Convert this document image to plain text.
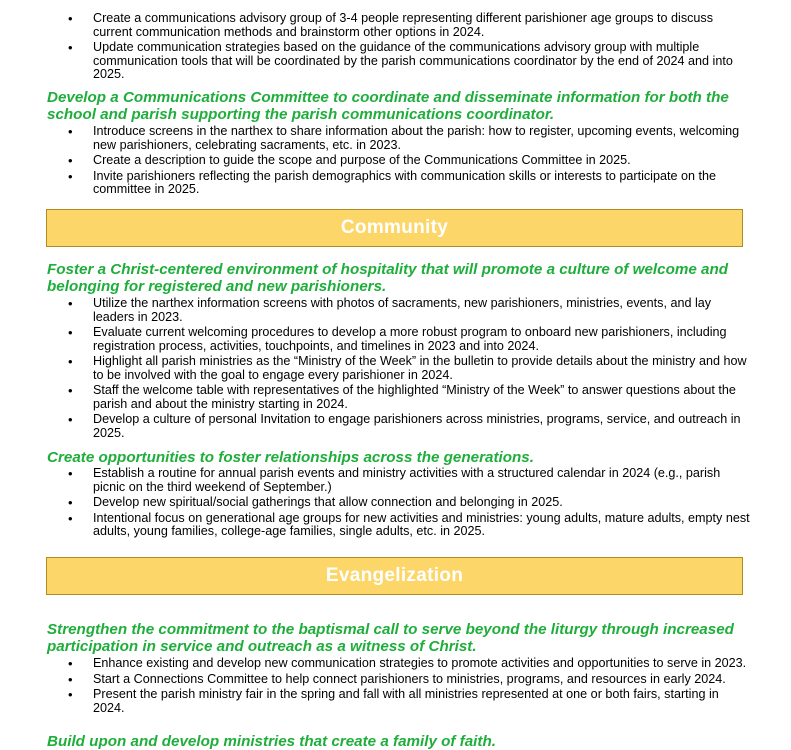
• Create a communications advisory group of 3-4 people representing different parishioner age groups to discuss current communication methods and brainstorm other options in 2024.
• Update communication strategies based on the guidance of the communications advisory group with multiple communication tools that will be coordinated by the parish communications coordinator by the end of 2024 and into 2025.

Develop a Communications Committee to coordinate and disseminate information for both the school and parish supporting the parish communications coordinator.

• Introduce screens in the narthex to share information about the parish: how to register, upcoming events, welcoming new parishioners, celebrating sacraments, etc. in 2023.
• Create a description to guide the scope and purpose of the Communications Committee in 2025.
• Invite parishioners reflecting the parish demographics with communication skills or interests to participate on the committee in 2025.
Community

Foster a Christ-centered environment of hospitality that will promote a culture of welcome and belonging for registered and new parishioners.

• Utilize the narthex information screens with photos of sacraments, new parishioners, ministries, events, and lay leaders in 2023.
• Evaluate current welcoming procedures to develop a more robust program to onboard new parishioners, including registration process, activities, touchpoints, and timelines in 2023 and into 2024.
• Highlight all parish ministries as the “Ministry of the Week” in the bulletin to provide details about the ministry and how to be involved with the goal to engage every parishioner in 2024.
• Staff the welcome table with representatives of the highlighted “Ministry of the Week” to answer questions about the parish and about the ministry starting in 2024.
• Develop a culture of personal Invitation to engage parishioners across ministries, programs, service, and outreach in 2025.

Create opportunities to foster relationships across the generations.

• Establish a routine for annual parish events and ministry activities with a structured calendar in 2024 (e.g., parish picnic on the third weekend of September.)
• Develop new spiritual/social gatherings that allow connection and belonging in 2025.
• Intentional focus on generational age groups for new activities and ministries: young adults, mature adults, empty nest adults, young families, college-age families, single adults, etc. in 2025.
Evangelization

Strengthen the commitment to the baptismal call to serve beyond the liturgy through increased participation in service and outreach as a witness of Christ.

• Enhance existing and develop new communication strategies to promote activities and opportunities to serve in 2023.
• Start a Connections Committee to help connect parishioners to ministries, programs, and resources in early 2024.
• Present the parish ministry fair in the spring and fall with all ministries represented at one or both fairs, starting in 2024.

Build upon and develop ministries that create a family of faith.
